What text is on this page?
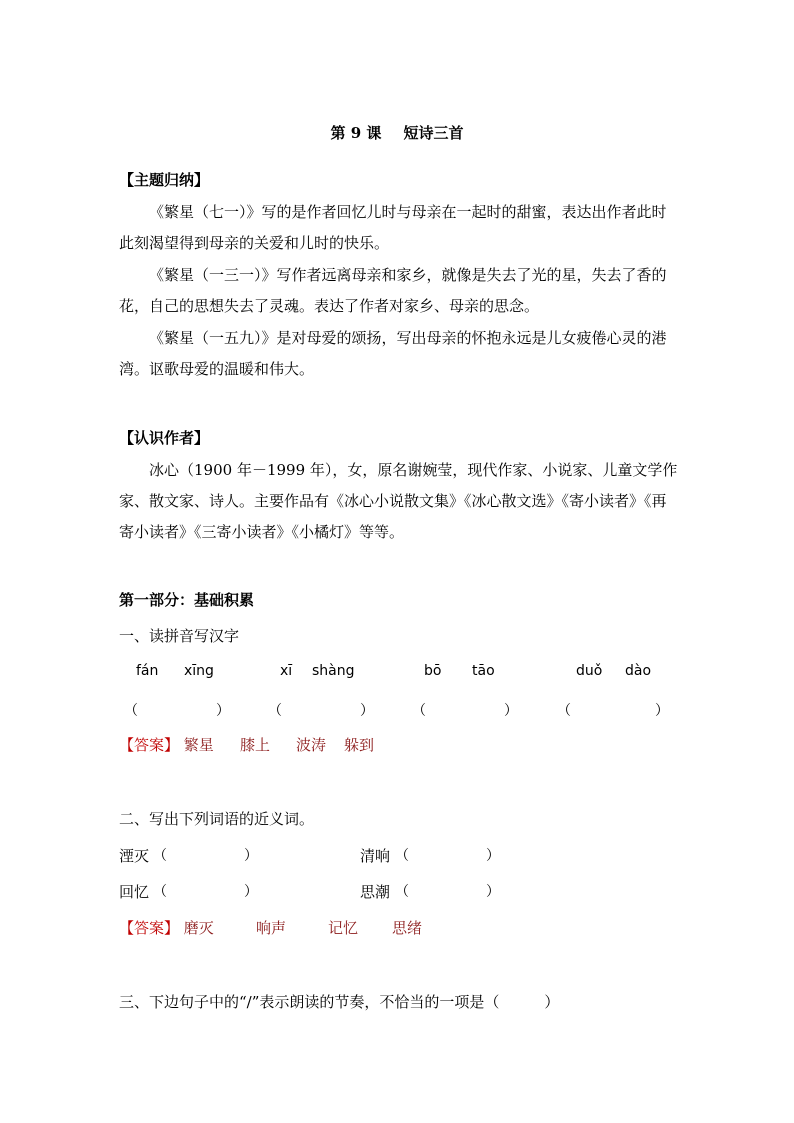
第 9 课 短诗三首
【主题归纳】
《繁星（七一）》写的是作者回忆儿时与母亲在一起时的甜蜜，表达出作者此时此刻渴望得到母亲的关爱和儿时的快乐。
《繁星（一三一）》写作者远离母亲和家乡，就像是失去了光的星，失去了香的花，自己的思想失去了灵魂。表达了作者对家乡、母亲的思念。
《繁星（一五九）》是对母爱的颂扬，写出母亲的怀抱永远是儿女疲倦心灵的港湾。讴歌母爱的温暖和伟大。
【认识作者】
冰心（1900 年－1999 年），女，原名谢婉莹，现代作家、小说家、儿童文学作家、散文家、诗人。主要作品有《冰心小说散文集》《冰心散文选》《寄小读者》《再寄小读者》《三寄小读者》《小橘灯》等等。
第一部分：基础积累
一、读拼音写汉字
fán xīng	xī shàng	bō tāo	duǒ dào
（	）	（	）	（	）	（	）
【答案】 繁星 膝上 波涛 躲到
二、写出下列词语的近义词。
湮灭 （	）	清响 （	）
回忆 （	）	思潮 （	）
【答案】 磨灭	响声	记忆 思绪
三、下边句子中的“/”表示朗读的节奏，不恰当的一项是（　　　）
